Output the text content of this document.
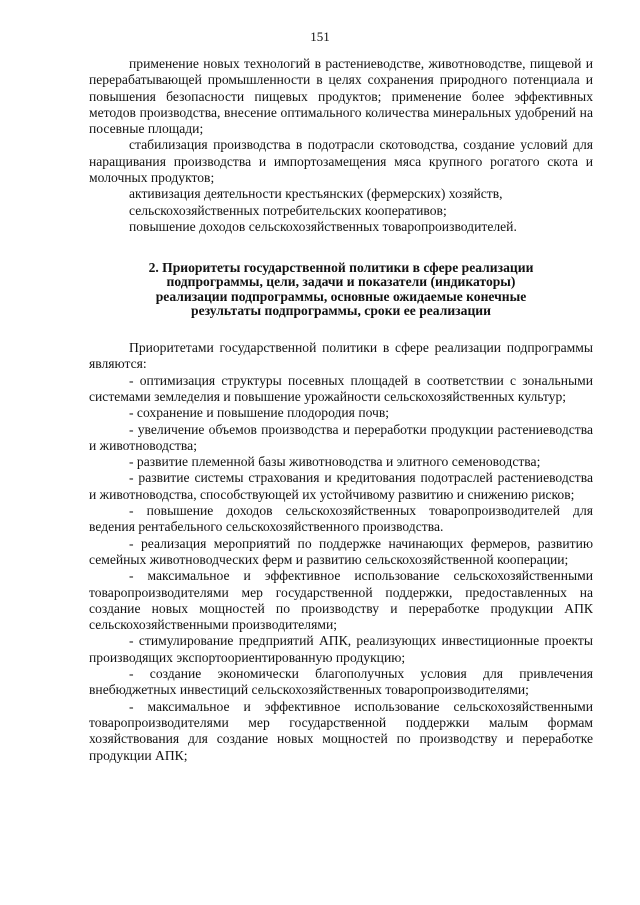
151

применение новых технологий в растениеводстве, животноводстве, пищевой и перерабатывающей промышленности в целях сохранения природного потенциала и повышения безопасности пищевых продуктов; применение более эффективных методов производства, внесение оптимального количества минеральных удобрений на посевные площади;

стабилизация производства в подотрасли скотоводства, создание условий для наращивания производства и импортозамещения мяса крупного рогатого скота и молочных продуктов;

активизация деятельности крестьянских (фермерских) хозяйств,

сельскохозяйственных потребительских кооперативов;

повышение доходов сельскохозяйственных товаропроизводителей.

2. Приоритеты государственной политики в сфере реализации
подпрограммы, цели, задачи и показатели (индикаторы)
реализации подпрограммы, основные ожидаемые конечные
результаты подпрограммы, сроки ее реализации

Приоритетами государственной политики в сфере реализации подпрограммы являются:

- оптимизация структуры посевных площадей в соответствии с зональными системами земледелия и повышение урожайности сельскохозяйственных культур;

- сохранение и повышение плодородия почв;

- увеличение объемов производства и переработки продукции растениеводства и животноводства;

- развитие племенной базы животноводства и элитного семеноводства;

- развитие системы страхования и кредитования подотраслей растениеводства и животноводства, способствующей их устойчивому развитию и снижению рисков;

- повышение доходов сельскохозяйственных товаропроизводителей для ведения рентабельного сельскохозяйственного производства.

- реализация мероприятий по поддержке начинающих фермеров, развитию семейных животноводческих ферм и развитию сельскохозяйственной кооперации;

- максимальное и эффективное использование сельскохозяйственными товаропроизводителями мер государственной поддержки, предоставленных на создание новых мощностей по производству и переработке продукции АПК сельскохозяйственными производителями;

- стимулирование предприятий АПК, реализующих инвестиционные проекты производящих экспортоориентированную продукцию;

- создание экономически благополучных условия для привлечения внебюджетных инвестиций сельскохозяйственных товаропроизводителями;

- максимальное и эффективное использование сельскохозяйственными товаропроизводителями мер государственной поддержки малым формам хозяйствования для создание новых мощностей по производству и переработке продукции АПК;
